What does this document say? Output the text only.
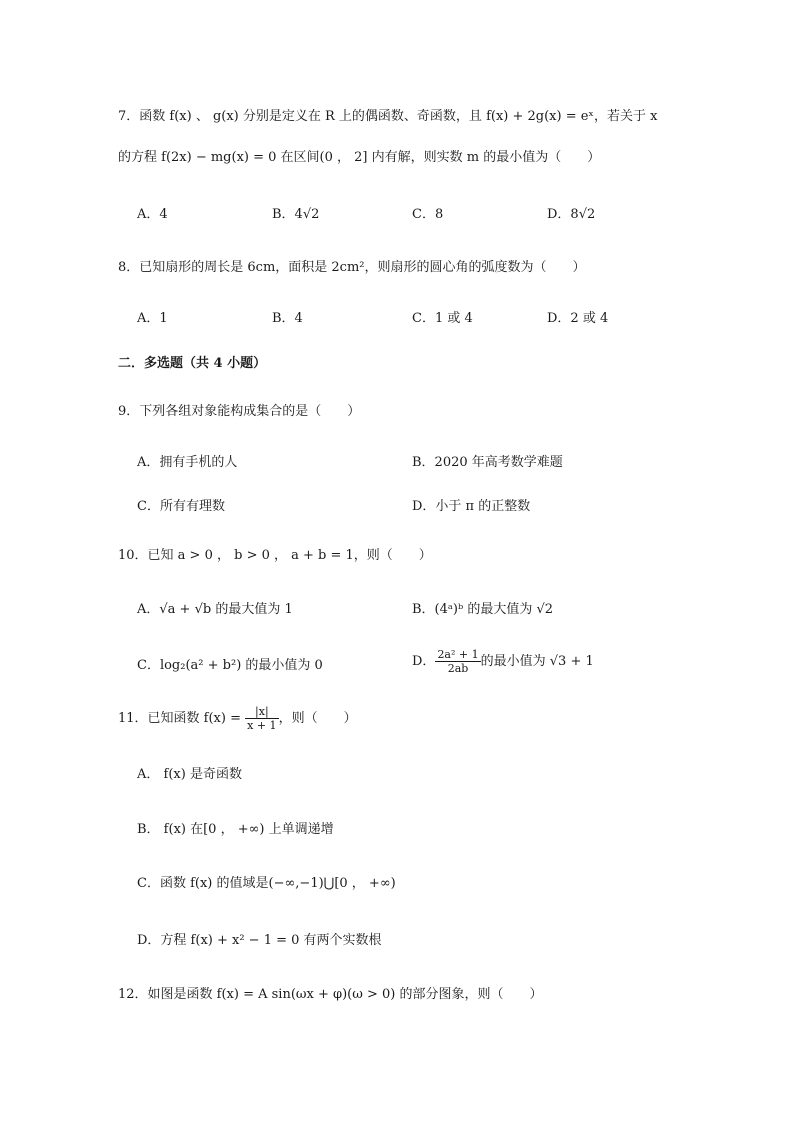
7．函数 f(x) 、 g(x) 分别是定义在 R 上的偶函数、奇函数，且 f(x) + 2g(x) = eˣ，若关于 x
的方程 f(2x) − mg(x) = 0 在区间(0 ， 2] 内有解，则实数 m 的最小值为（　　）
A．4	B．4√2	C．8	D．8√2
8．已知扇形的周长是 6cm，面积是 2cm²，则扇形的圆心角的弧度数为（　　）
A．1	B．4	C．1 或 4	D．2 或 4
二．多选题（共 4 小题）
9．下列各组对象能构成集合的是（　　）
A．拥有手机的人	B．2020 年高考数学难题
C．所有有理数	D．小于 π 的正整数
10．已知 a > 0 ， b > 0 ， a + b = 1，则（　　）
A．√a + √b 的最大值为 1	B．(4ᵃ)ᵇ 的最大值为 √2
C．log₂(a² + b²) 的最小值为 0	D． $\frac{\text{2a² + 1}}{2ab}$ 的最小值为 √3 + 1
11．已知函数 $f(x) = \frac{|x|}{x + 1}$ ，则（　　）
A． f(x) 是奇函数
B． f(x) 在[0 ， +∞) 上单调递增
C．函数 f(x) 的值域是(−∞,−1)⋃[0 ， +∞)
D．方程 f(x) + x² − 1 = 0 有两个实数根
12．如图是函数 f(x) = A sin(ωx + φ)(ω > 0) 的部分图象，则（　　）
